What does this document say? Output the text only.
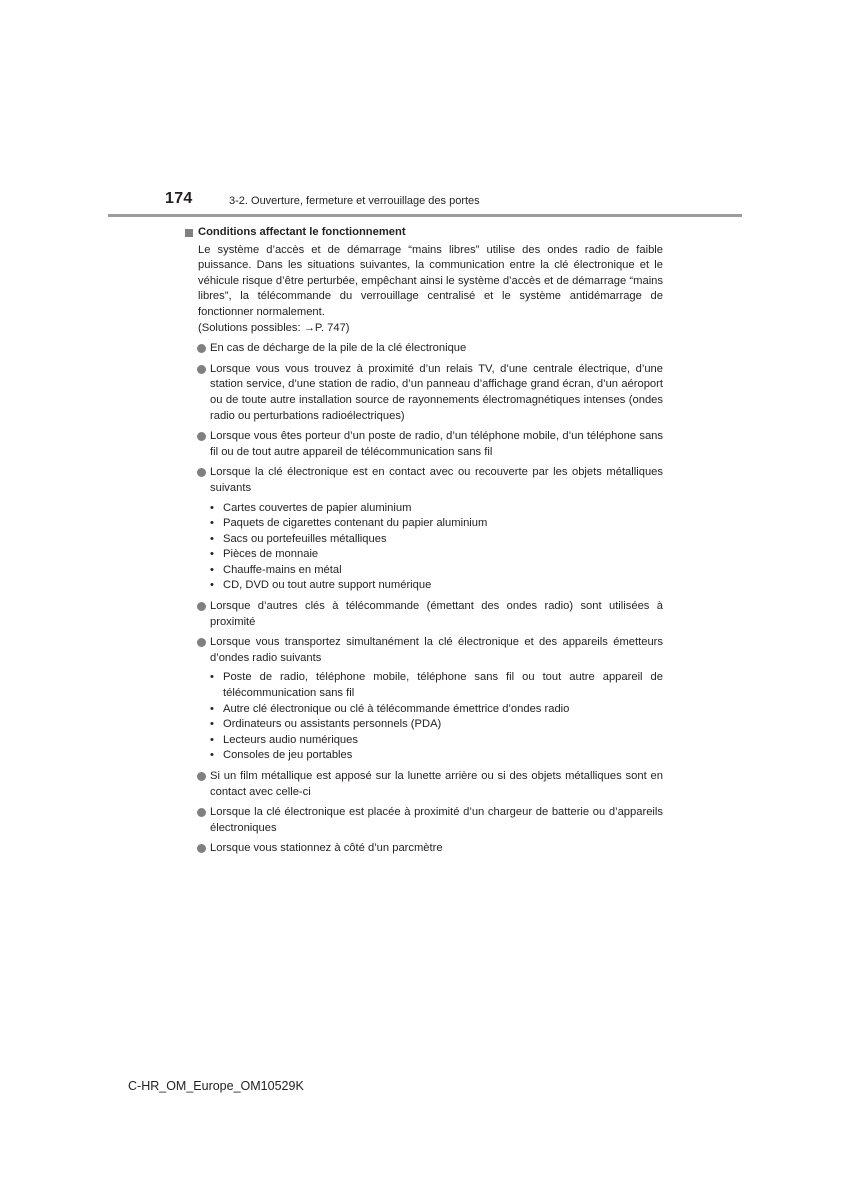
174	3-2. Ouverture, fermeture et verrouillage des portes
Conditions affectant le fonctionnement

Le système d’accès et de démarrage “mains libres” utilise des ondes radio de faible puissance. Dans les situations suivantes, la communication entre la clé électronique et le véhicule risque d’être perturbée, empêchant ainsi le système d’accès et de démarrage “mains libres”, la télécommande du verrouillage centralisé et le système antidémarrage de fonctionner normalement.

(Solutions possibles: →P. 747)

En cas de décharge de la pile de la clé électronique
Lorsque vous vous trouvez à proximité d’un relais TV, d’une centrale électrique, d’une station service, d’une station de radio, d’un panneau d’affichage grand écran, d’un aéroport ou de toute autre installation source de rayonnements électromagnétiques intenses (ondes radio ou perturbations radioélectriques)
Lorsque vous êtes porteur d’un poste de radio, d’un téléphone mobile, d’un téléphone sans fil ou de tout autre appareil de télécommunication sans fil
Lorsque la clé électronique est en contact avec ou recouverte par les objets métalliques suivants
• Cartes couvertes de papier aluminium
• Paquets de cigarettes contenant du papier aluminium
• Sacs ou portefeuilles métalliques
• Pièces de monnaie
• Chauffe-mains en métal
• CD, DVD ou tout autre support numérique
Lorsque d’autres clés à télécommande (émettant des ondes radio) sont utilisées à proximité
Lorsque vous transportez simultanément la clé électronique et des appareils émetteurs d’ondes radio suivants
• Poste de radio, téléphone mobile, téléphone sans fil ou tout autre appareil de télécommunication sans fil
• Autre clé électronique ou clé à télécommande émettrice d’ondes radio
• Ordinateurs ou assistants personnels (PDA)
• Lecteurs audio numériques
• Consoles de jeu portables
Si un film métallique est apposé sur la lunette arrière ou si des objets métalliques sont en contact avec celle-ci
Lorsque la clé électronique est placée à proximité d’un chargeur de batterie ou d’appareils électroniques
Lorsque vous stationnez à côté d’un parcmètre
C-HR_OM_Europe_OM10529K
